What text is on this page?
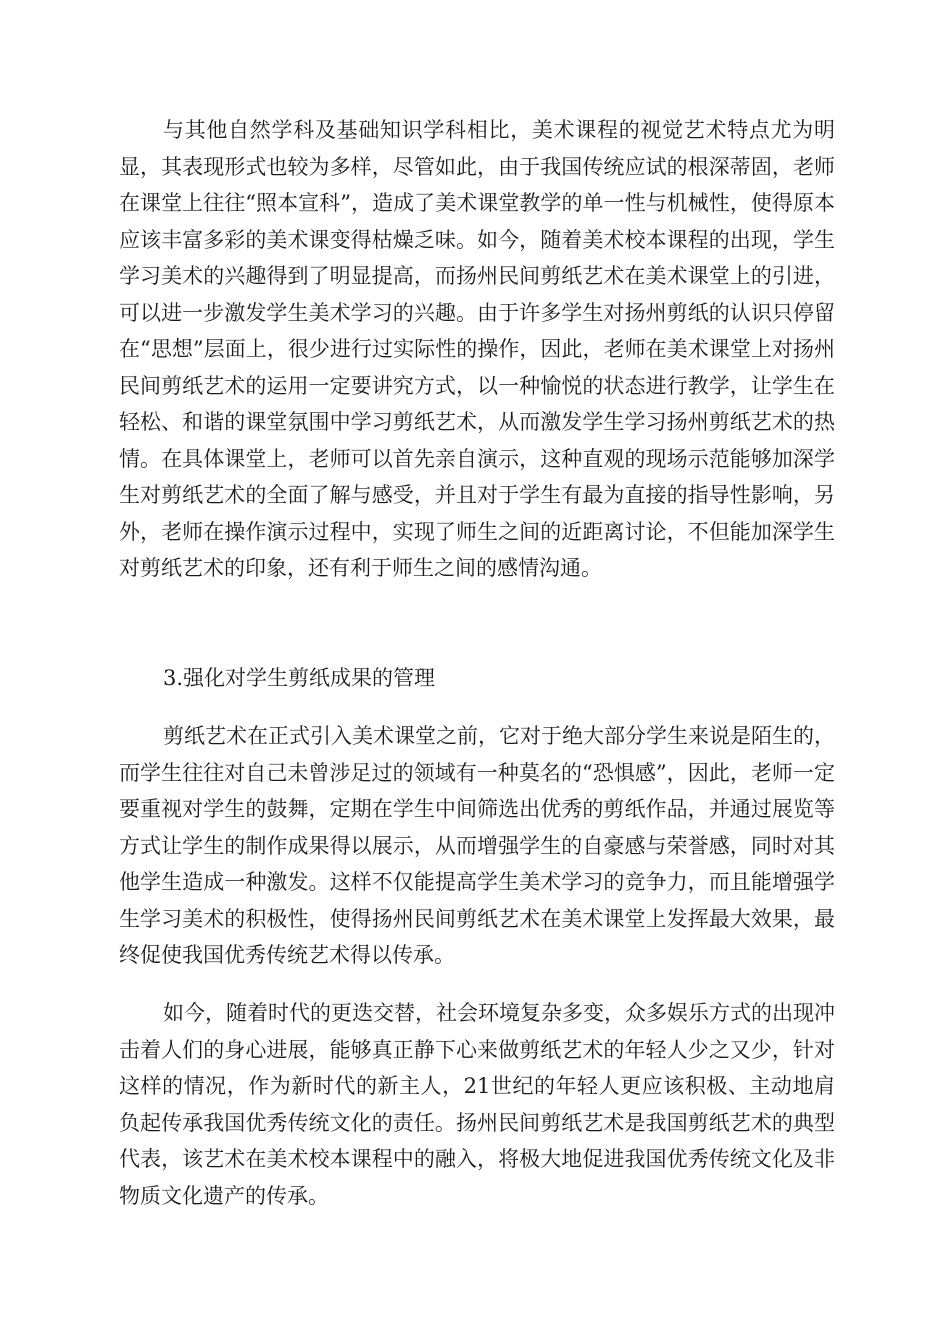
与其他自然学科及基础知识学科相比，美术课程的视觉艺术特点尤为明显，其表现形式也较为多样，尽管如此，由于我国传统应试的根深蒂固，老师在课堂上往往“照本宣科”，造成了美术课堂教学的单一性与机械性，使得原本应该丰富多彩的美术课变得枯燥乏味。如今，随着美术校本课程的出现，学生学习美术的兴趣得到了明显提高，而扬州民间剪纸艺术在美术课堂上的引进，可以进一步激发学生美术学习的兴趣。由于许多学生对扬州剪纸的认识只停留在“思想”层面上，很少进行过实际性的操作，因此，老师在美术课堂上对扬州民间剪纸艺术的运用一定要讲究方式，以一种愉悦的状态进行教学，让学生在轻松、和谐的课堂氛围中学习剪纸艺术，从而激发学生学习扬州剪纸艺术的热情。在具体课堂上，老师可以首先亲自演示，这种直观的现场示范能够加深学生对剪纸艺术的全面了解与感受，并且对于学生有最为直接的指导性影响，另外，老师在操作演示过程中，实现了师生之间的近距离讨论，不但能加深学生对剪纸艺术的印象，还有利于师生之间的感情沟通。

3.强化对学生剪纸成果的管理

剪纸艺术在正式引入美术课堂之前，它对于绝大部分学生来说是陌生的，而学生往往对自己未曾涉足过的领域有一种莫名的“恐惧感”，因此，老师一定要重视对学生的鼓舞，定期在学生中间筛选出优秀的剪纸作品，并通过展览等方式让学生的制作成果得以展示，从而增强学生的自豪感与荣誉感，同时对其他学生造成一种激发。这样不仅能提高学生美术学习的竞争力，而且能增强学生学习美术的积极性，使得扬州民间剪纸艺术在美术课堂上发挥最大效果，最终促使我国优秀传统艺术得以传承。

如今，随着时代的更迭交替，社会环境复杂多变，众多娱乐方式的出现冲击着人们的身心进展，能够真正静下心来做剪纸艺术的年轻人少之又少，针对这样的情况，作为新时代的新主人，21世纪的年轻人更应该积极、主动地肩负起传承我国优秀传统文化的责任。扬州民间剪纸艺术是我国剪纸艺术的典型代表，该艺术在美术校本课程中的融入，将极大地促进我国优秀传统文化及非物质文化遗产的传承。
